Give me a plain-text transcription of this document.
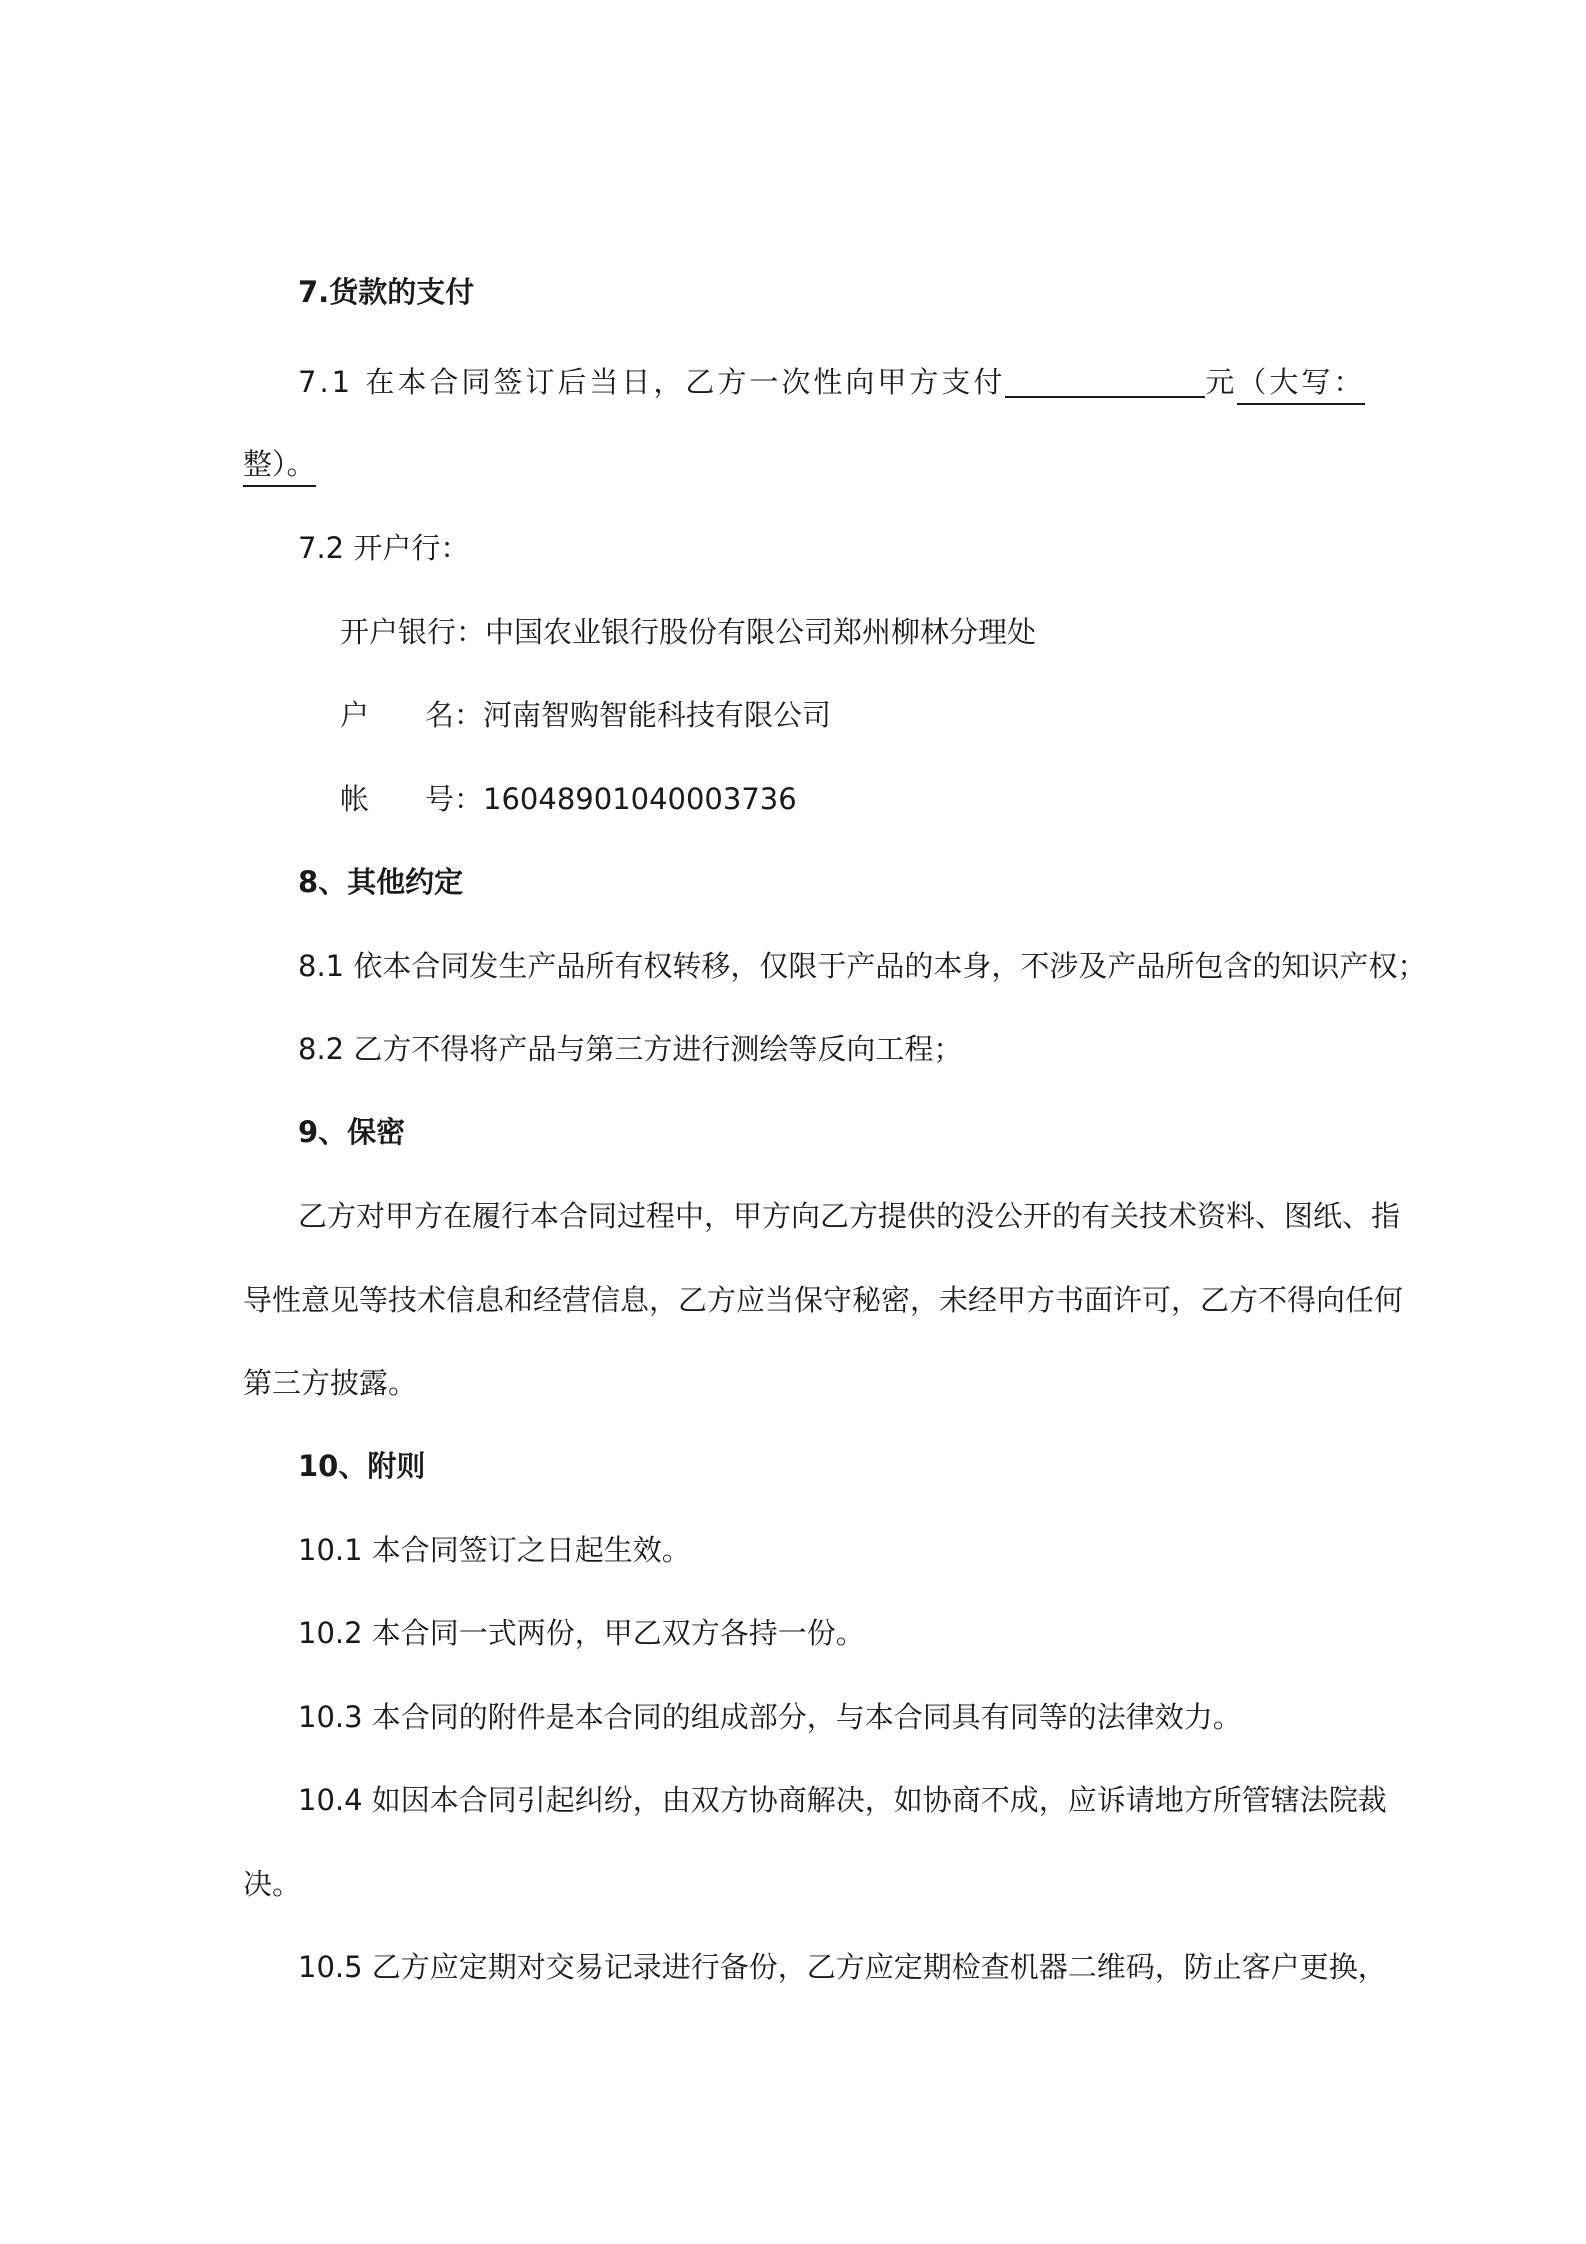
7.货款的支付
7.1 在本合同签订后当日，乙方一次性向甲方支付	元（大写：
整）。
7.2 开户行：
开户银行：中国农业银行股份有限公司郑州柳林分理处
户 名：河南智购智能科技有限公司
帐 号：16048901040003736
8、其他约定
8.1 依本合同发生产品所有权转移，仅限于产品的本身，不涉及产品所包含的知识产权；
8.2 乙方不得将产品与第三方进行测绘等反向工程；
9、保密
乙方对甲方在履行本合同过程中，甲方向乙方提供的没公开的有关技术资料、图纸、指
导性意见等技术信息和经营信息，乙方应当保守秘密，未经甲方书面许可，乙方不得向任何
第三方披露。
10、附则
10.1 本合同签订之日起生效。
10.2 本合同一式两份，甲乙双方各持一份。
10.3 本合同的附件是本合同的组成部分，与本合同具有同等的法律效力。
10.4 如因本合同引起纠纷，由双方协商解决，如协商不成，应诉请地方所管辖法院裁
决。
10.5 乙方应定期对交易记录进行备份，乙方应定期检查机器二维码，防止客户更换，
